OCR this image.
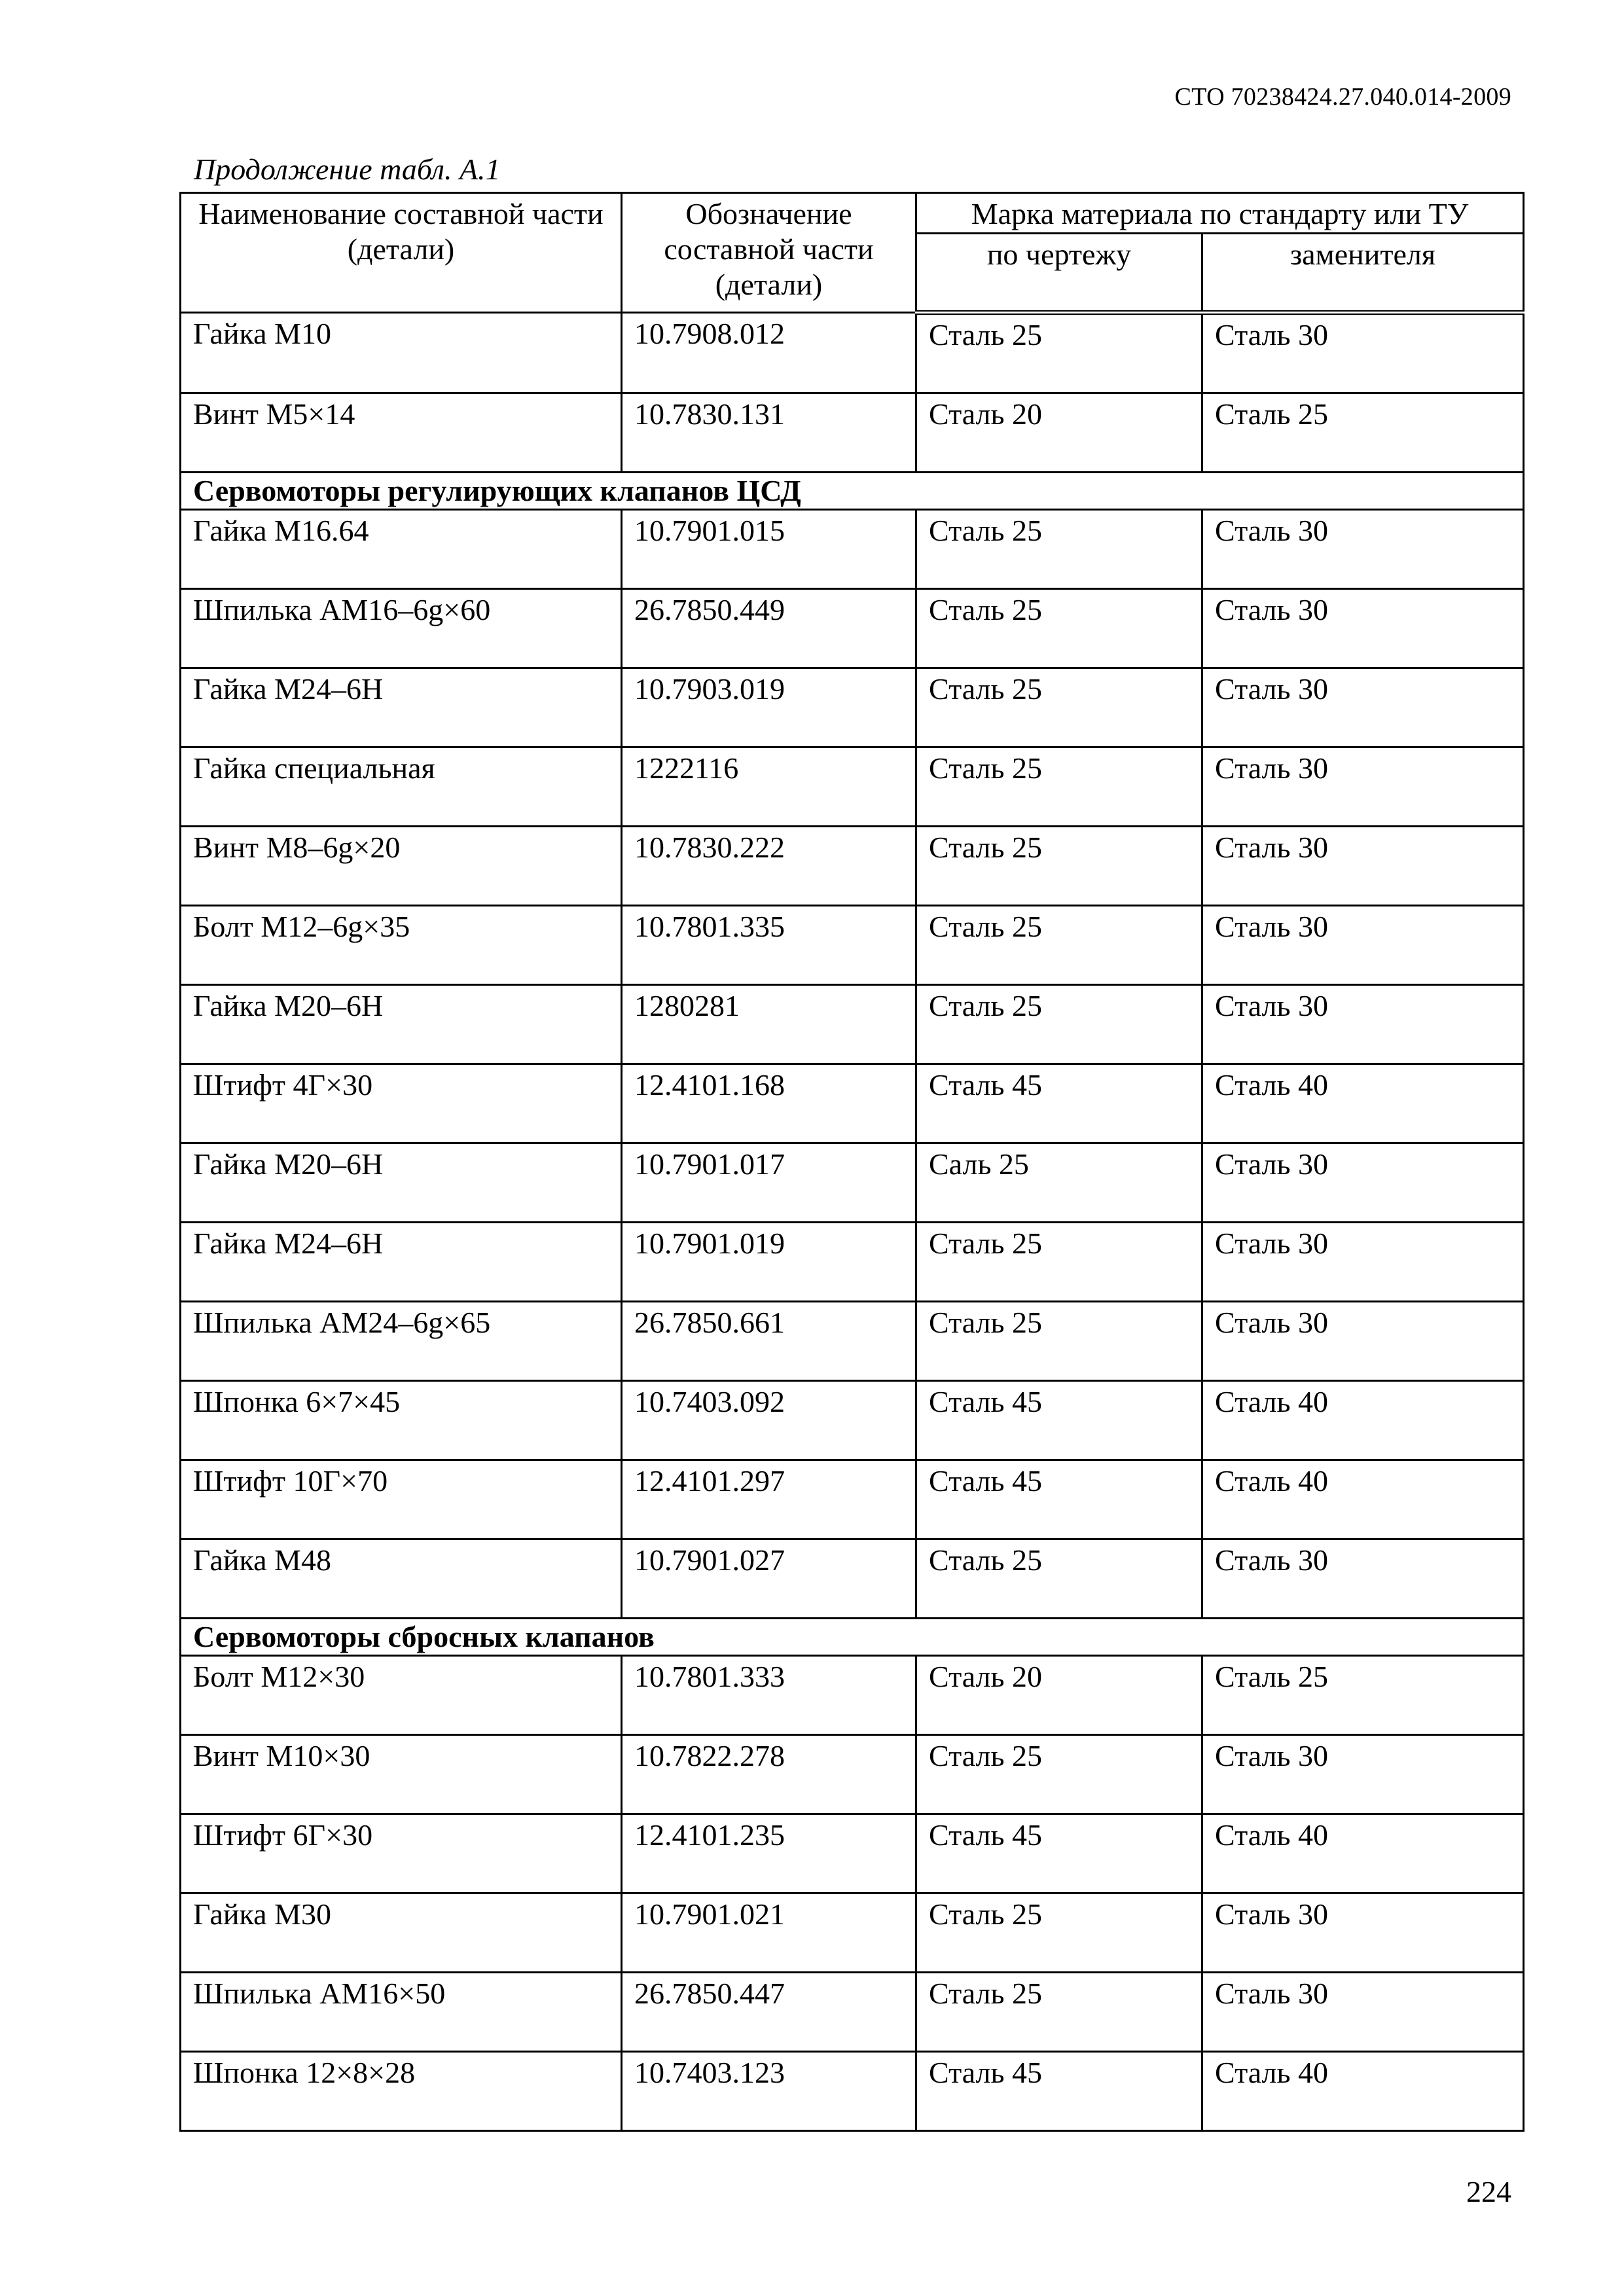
СТО 70238424.27.040.014-2009
Продолжение табл. А.1
Наименование составной части (детали)	Обозначение составной части (детали)	Марка материала по стандарту или ТУ	
		по чертежу	заменителя
Гайка М10	10.7908.012	Сталь 25	Сталь 30
Винт М5×14	10.7830.131	Сталь 20	Сталь 25
Сервомоторы регулирующих клапанов ЦСД			
Гайка М16.64	10.7901.015	Сталь 25	Сталь 30
Шпилька АМ16–6g×60	26.7850.449	Сталь 25	Сталь 30
Гайка М24–6Н	10.7903.019	Сталь 25	Сталь 30
Гайка специальная	1222116	Сталь 25	Сталь 30
Винт М8–6g×20	10.7830.222	Сталь 25	Сталь 30
Болт М12–6g×35	10.7801.335	Сталь 25	Сталь 30
Гайка М20–6Н	1280281	Сталь 25	Сталь 30
Штифт 4Г×30	12.4101.168	Сталь 45	Сталь 40
Гайка М20–6Н	10.7901.017	Саль 25	Сталь 30
Гайка М24–6Н	10.7901.019	Сталь 25	Сталь 30
Шпилька АМ24–6g×65	26.7850.661	Сталь 25	Сталь 30
Шпонка 6×7×45	10.7403.092	Сталь 45	Сталь 40
Штифт 10Г×70	12.4101.297	Сталь 45	Сталь 40
Гайка М48	10.7901.027	Сталь 25	Сталь 30
Сервомоторы сбросных клапанов			
Болт М12×30	10.7801.333	Сталь 20	Сталь 25
Винт М10×30	10.7822.278	Сталь 25	Сталь 30
Штифт 6Г×30	12.4101.235	Сталь 45	Сталь 40
Гайка М30	10.7901.021	Сталь 25	Сталь 30
Шпилька АМ16×50	26.7850.447	Сталь 25	Сталь 30
Шпонка 12×8×28	10.7403.123	Сталь 45	Сталь 40
224
